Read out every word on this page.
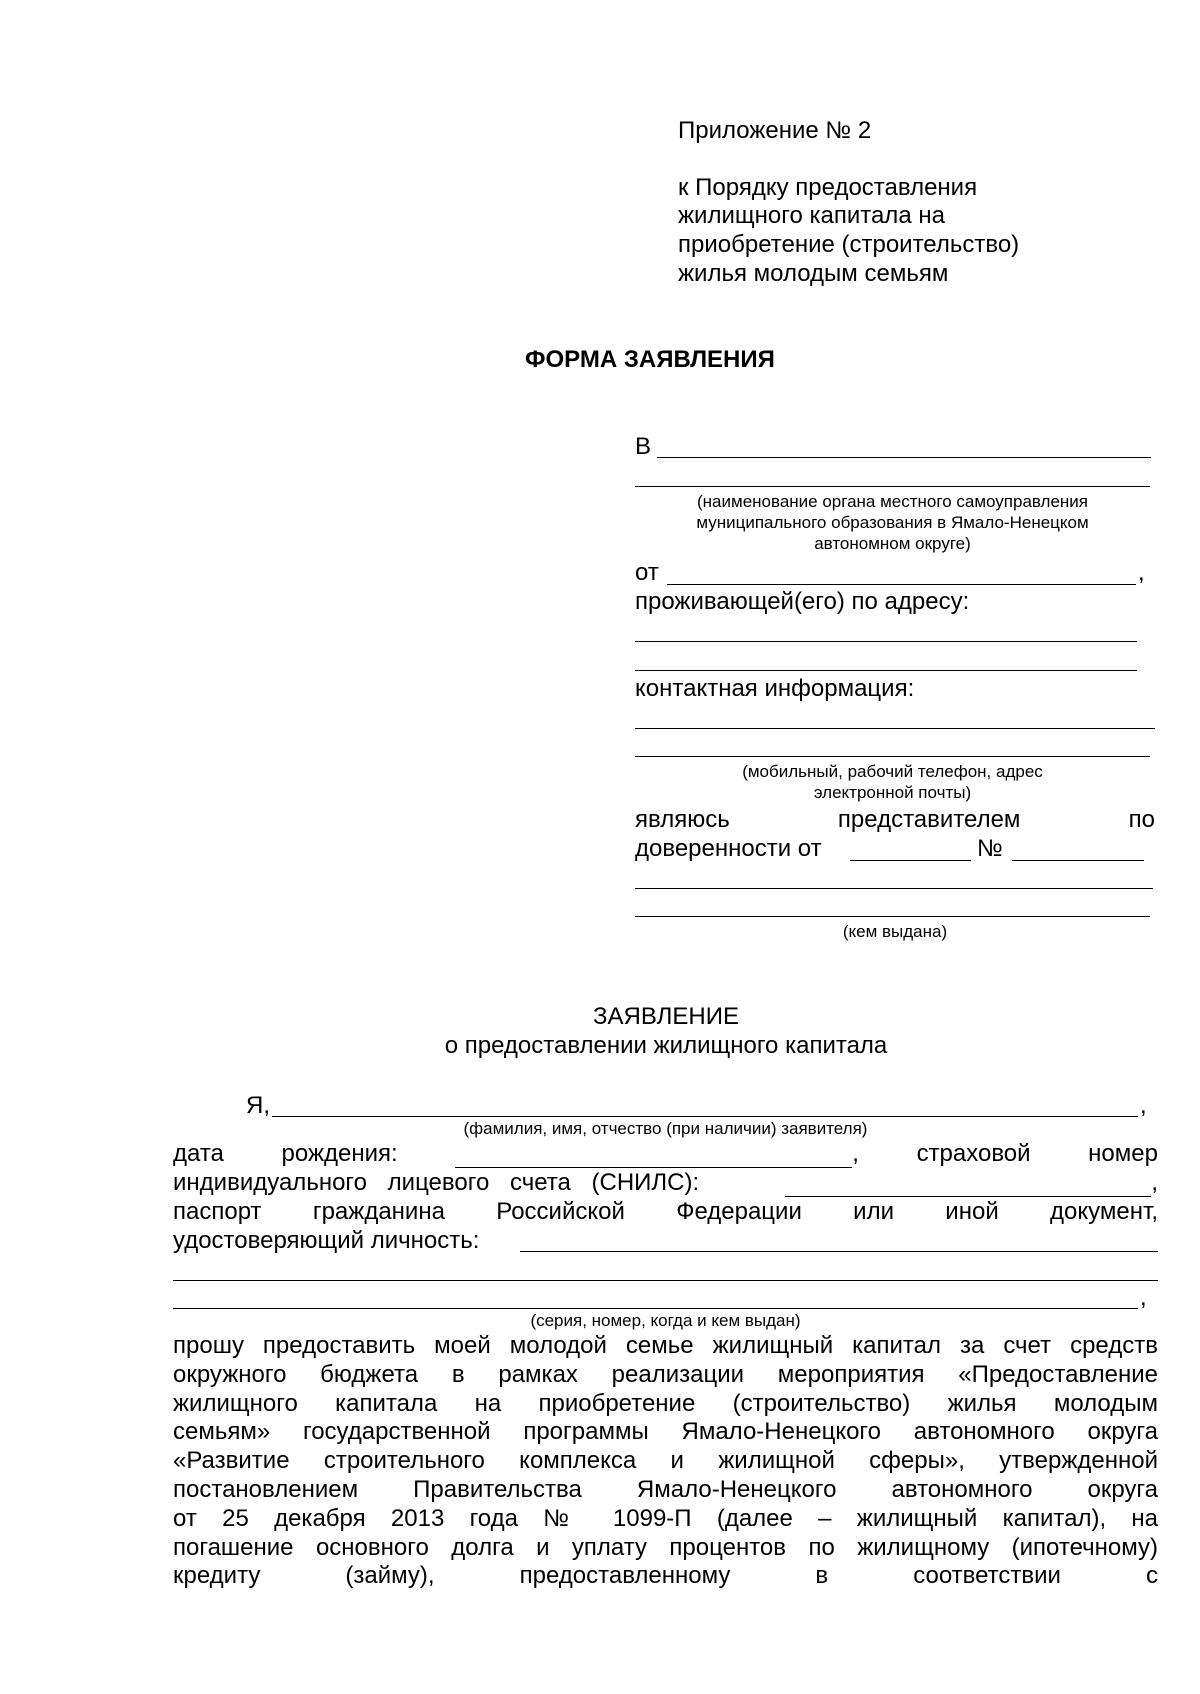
Приложение № 2
к Порядку предоставления
жилищного капитала на
приобретение (строительство)
жилья молодым семьям
ФОРМА ЗАЯВЛЕНИЯ
В
(наименование органа местного самоуправления
муниципального образования в Ямало-Ненецком
автономном округе)
от	,
проживающей(его) по адресу:
контактная информация:
(мобильный, рабочий телефон, адрес
электронной почты)
являюсь	представителем	по
доверенности от	№
(кем выдана)
ЗАЯВЛЕНИЕ
о предоставлении жилищного капитала
Я,	,
(фамилия, имя, отчество (при наличии) заявителя)
дата рождения:	, страховой номер
индивидуального лицевого счета (СНИЛС):	,
паспорт гражданина Российской Федерации или иной документ,
удостоверяющий личность:
,
(серия, номер, когда и кем выдан)
прошу предоставить моей молодой семье жилищный капитал за счет средств
окружного бюджета в рамках реализации мероприятия «Предоставление
жилищного капитала на приобретение (строительство) жилья молодым
семьям» государственной программы Ямало-Ненецкого автономного округа
«Развитие строительного комплекса и жилищной сферы», утвержденной
постановлением Правительства Ямало-Ненецкого автономного округа
от 25 декабря 2013 года № 1099-П (далее – жилищный капитал), на
погашение основного долга и уплату процентов по жилищному (ипотечному)
кредиту (займу), предоставленному в соответствии с
